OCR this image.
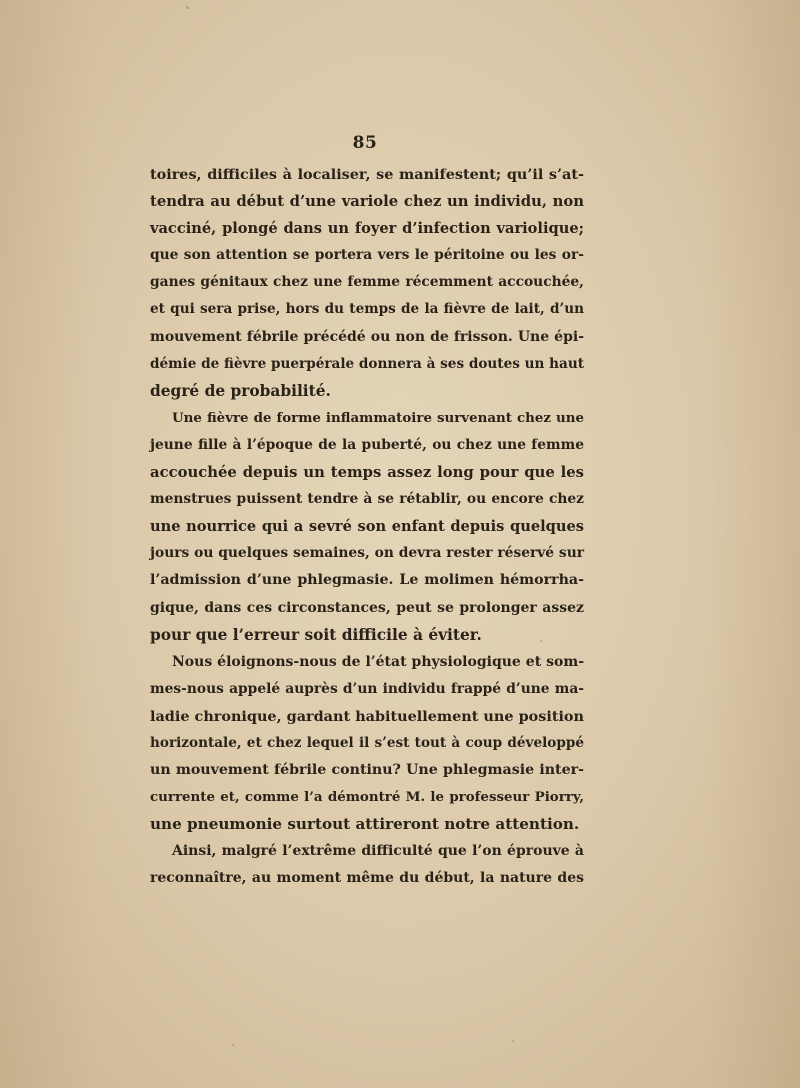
85
toires, difficiles à localiser, se manifestent; qu’il s’at-
tendra au début d’une variole chez un individu, non
vacciné, plongé dans un foyer d’infection variolique;
que son attention se portera vers le péritoine ou les or-
ganes génitaux chez une femme récemment accouchée,
et qui sera prise, hors du temps de la fièvre de lait, d’un
mouvement fébrile précédé ou non de frisson. Une épi-
démie de fièvre puerpérale donnera à ses doutes un haut
degré de probabilité.
Une fièvre de forme inflammatoire survenant chez une
jeune fille à l’époque de la puberté, ou chez une femme
accouchée depuis un temps assez long pour que les
menstrues puissent tendre à se rétablir, ou encore chez
une nourrice qui a sevré son enfant depuis quelques
jours ou quelques semaines, on devra rester réservé sur
l’admission d’une phlegmasie. Le molimen hémorrha-
gique, dans ces circonstances, peut se prolonger assez
pour que l’erreur soit difficile à éviter.
Nous éloignons-nous de l’état physiologique et som-
mes-nous appelé auprès d’un individu frappé d’une ma-
ladie chronique, gardant habituellement une position
horizontale, et chez lequel il s’est tout à coup développé
un mouvement fébrile continu? Une phlegmasie inter-
currente et, comme l’a démontré M. le professeur Piorry,
une pneumonie surtout attireront notre attention.
Ainsi, malgré l’extrême difficulté que l’on éprouve à
reconnaître, au moment même du début, la nature des
